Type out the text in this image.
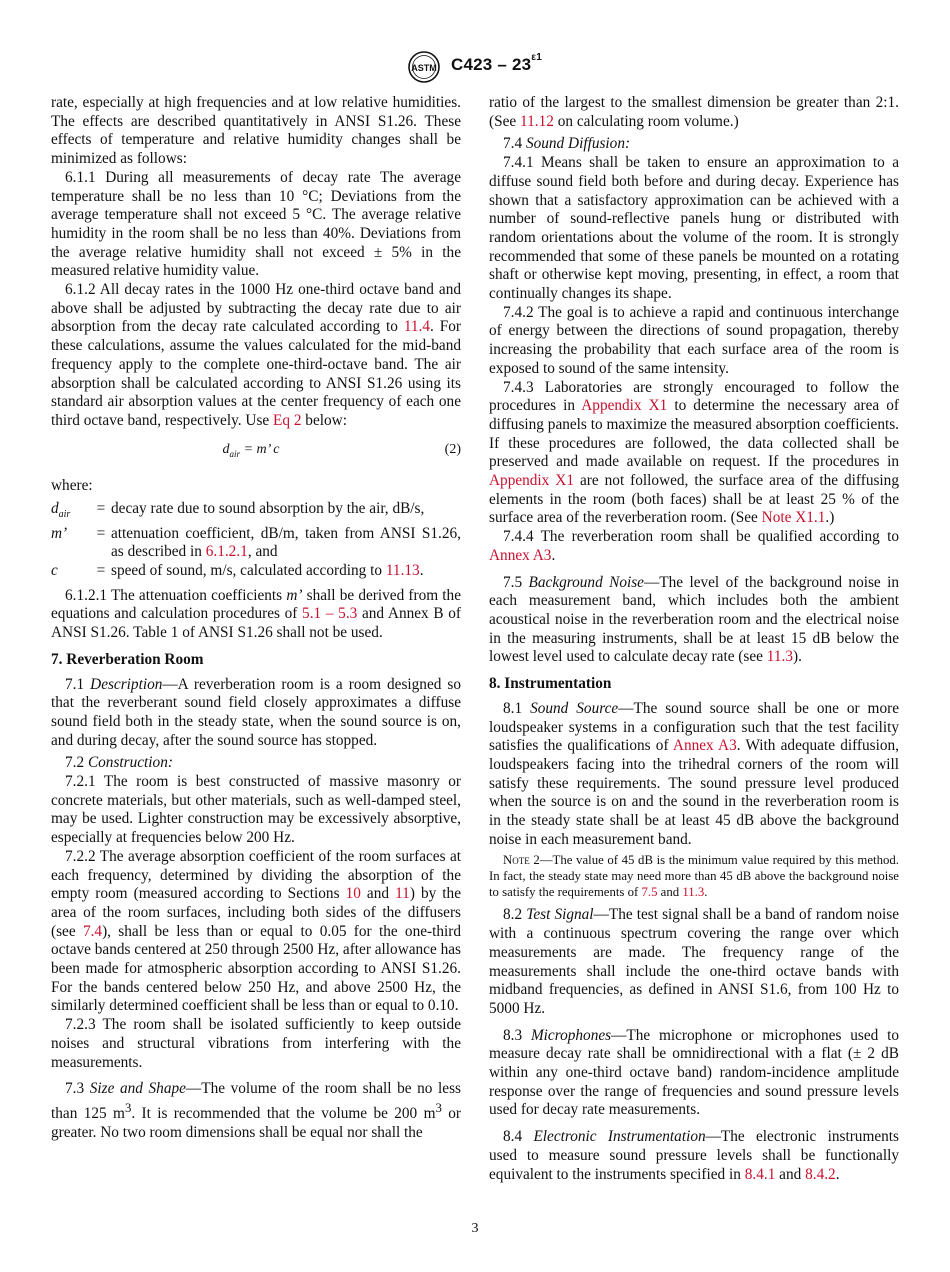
ASTM $C423 - 23^{\varepsilon 1}$

rate, especially at high frequencies and at low relative humidities. The effects are described quantitatively in ANSI S1.26. These effects of temperature and relative humidity changes shall be minimized as follows:

6.1.1 During all measurements of decay rate The average temperature shall be no less than 10 °C; Deviations from the average temperature shall not exceed 5 °C. The average relative humidity in the room shall be no less than 40%. Deviations from the average relative humidity shall not exceed ± 5% in the measured relative humidity value.

6.1.2 All decay rates in the 1000 Hz one-third octave band and above shall be adjusted by subtracting the decay rate due to air absorption from the decay rate calculated according to 11.4. For these calculations, assume the values calculated for the mid-band frequency apply to the complete one-third-octave band. The air absorption shall be calculated according to ANSI S1.26 using its standard air absorption values at the center frequency of each one third octave band, respectively. Use Eq 2 below:

$d_{air} = m$’ c	(2)

where:

$d_{air}$	=	decay rate due to sound absorption by the air, dB/s,
m’	=	attenuation coefficient, dB/m, taken from ANSI S1.26, as described in 6.1.2.1, and
c	=	speed of sound, m/s, calculated according to 11.13.

6.1.2.1 The attenuation coefficients m’ shall be derived from the equations and calculation procedures of 5.1 – 5.3 and Annex B of ANSI S1.26. Table 1 of ANSI S1.26 shall not be used.

7. Reverberation Room

7.1 Description—A reverberation room is a room designed so that the reverberant sound field closely approximates a diffuse sound field both in the steady state, when the sound source is on, and during decay, after the sound source has stopped.

7.2 Construction:

7.2.1 The room is best constructed of massive masonry or concrete materials, but other materials, such as well-damped steel, may be used. Lighter construction may be excessively absorptive, especially at frequencies below 200 Hz.

7.2.2 The average absorption coefficient of the room surfaces at each frequency, determined by dividing the absorption of the empty room (measured according to Sections 10 and 11) by the area of the room surfaces, including both sides of the diffusers (see 7.4), shall be less than or equal to 0.05 for the one-third octave bands centered at 250 through 2500 Hz, after allowance has been made for atmospheric absorption according to ANSI S1.26. For the bands centered below 250 Hz, and above 2500 Hz, the similarly determined coefficient shall be less than or equal to 0.10.

7.2.3 The room shall be isolated sufficiently to keep outside noises and structural vibrations from interfering with the measurements.

7.3 Size and Shape—The volume of the room shall be no less than 125 $m^3$. It is recommended that the volume be 200 $m^3$ or greater. No two room dimensions shall be equal nor shall the

ratio of the largest to the smallest dimension be greater than 2:1. (See 11.12 on calculating room volume.)

7.4 Sound Diffusion:

7.4.1 Means shall be taken to ensure an approximation to a diffuse sound field both before and during decay. Experience has shown that a satisfactory approximation can be achieved with a number of sound-reflective panels hung or distributed with random orientations about the volume of the room. It is strongly recommended that some of these panels be mounted on a rotating shaft or otherwise kept moving, presenting, in effect, a room that continually changes its shape.

7.4.2 The goal is to achieve a rapid and continuous interchange of energy between the directions of sound propagation, thereby increasing the probability that each surface area of the room is exposed to sound of the same intensity.

7.4.3 Laboratories are strongly encouraged to follow the procedures in Appendix X1 to determine the necessary area of diffusing panels to maximize the measured absorption coefficients. If these procedures are followed, the data collected shall be preserved and made available on request. If the procedures in Appendix X1 are not followed, the surface area of the diffusing elements in the room (both faces) shall be at least 25 % of the surface area of the reverberation room. (See Note X1.1.)

7.4.4 The reverberation room shall be qualified according to Annex A3.

7.5 Background Noise—The level of the background noise in each measurement band, which includes both the ambient acoustical noise in the reverberation room and the electrical noise in the measuring instruments, shall be at least 15 dB below the lowest level used to calculate decay rate (see 11.3).

8. Instrumentation

8.1 Sound Source—The sound source shall be one or more loudspeaker systems in a configuration such that the test facility satisfies the qualifications of Annex A3. With adequate diffusion, loudspeakers facing into the trihedral corners of the room will satisfy these requirements. The sound pressure level produced when the source is on and the sound in the reverberation room is in the steady state shall be at least 45 dB above the background noise in each measurement band.

Note 2—The value of 45 dB is the minimum value required by this method. In fact, the steady state may need more than 45 dB above the background noise to satisfy the requirements of 7.5 and 11.3.

8.2 Test Signal—The test signal shall be a band of random noise with a continuous spectrum covering the range over which measurements are made. The frequency range of the measurements shall include the one-third octave bands with midband frequencies, as defined in ANSI S1.6, from 100 Hz to 5000 Hz.

8.3 Microphones—The microphone or microphones used to measure decay rate shall be omnidirectional with a flat (± 2 dB within any one-third octave band) random-incidence amplitude response over the range of frequencies and sound pressure levels used for decay rate measurements.

8.4 Electronic Instrumentation—The electronic instruments used to measure sound pressure levels shall be functionally equivalent to the instruments specified in 8.4.1 and 8.4.2.

3
